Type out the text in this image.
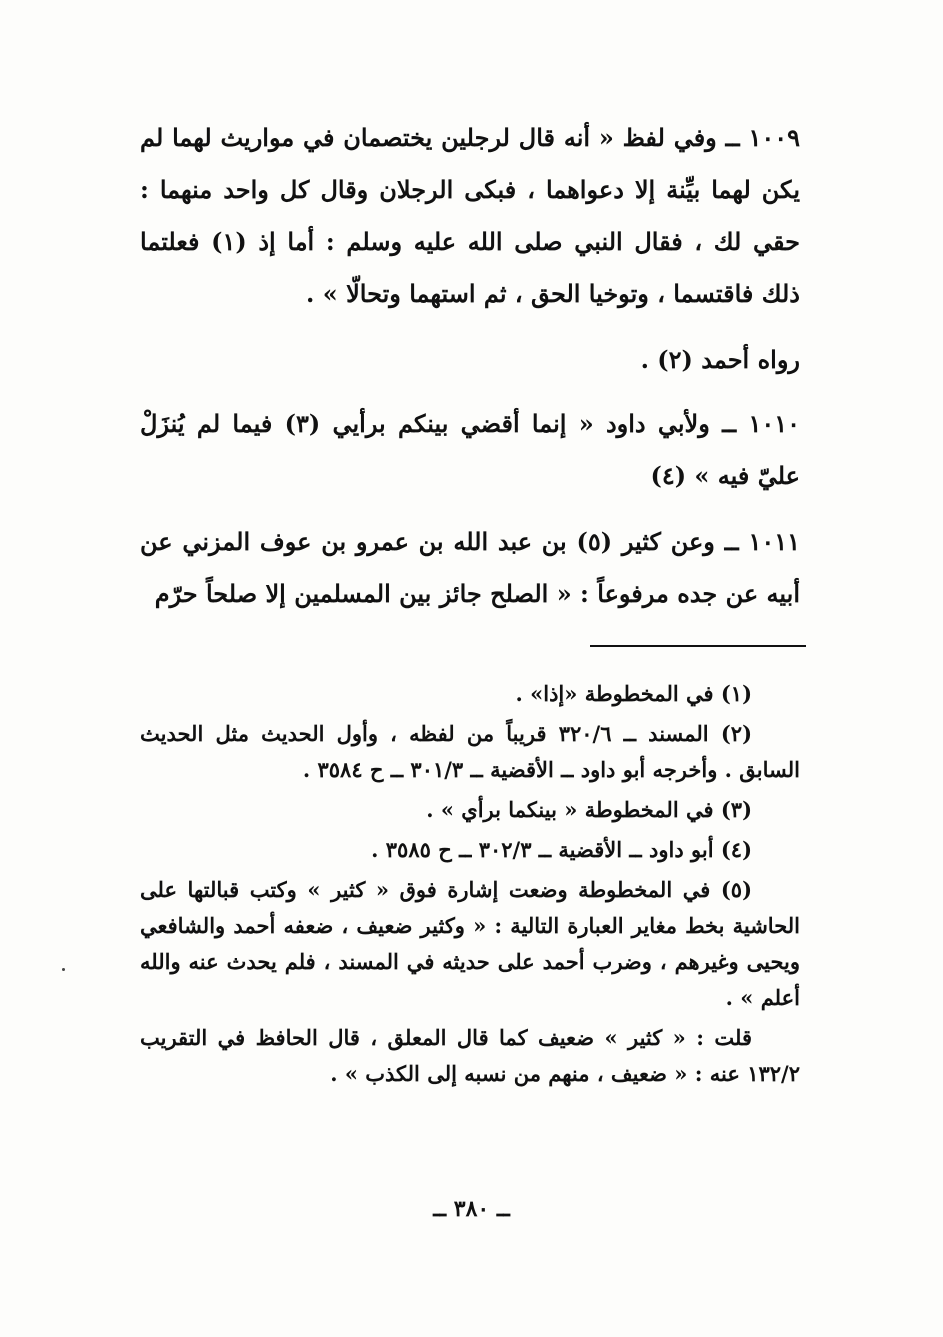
١٠٠٩ ــ وفي لفظ « أنه قال لرجلين يختصمان في مواريث لهما لم يكن لهما بيِّنة إلا دعواهما ، فبكى الرجلان وقال كل واحد منهما : حقي لك ، فقال النبي صلى الله عليه وسلم : أما إذ (١) فعلتما ذلك فاقتسما ، وتوخيا الحق ، ثم استهما وتحالّا » .

رواه أحمد (٢) .

١٠١٠ ــ ولأبي داود « إنما أقضي بينكم برأيي (٣) فيما لم يُنزَلْ عليّ فيه » (٤)

١٠١١ ــ وعن كثير (٥) بن عبد الله بن عمرو بن عوف المزني عن أبيه عن جده مرفوعاً : « الصلح جائز بين المسلمين إلا صلحاً حرّم

(١) في المخطوطة «إذا» .

(٢) المسند ــ ٣٢٠/٦ قريباً من لفظه ، وأول الحديث مثل الحديث السابق . وأخرجه أبو داود ــ الأقضية ــ ٣٠١/٣ ــ ح ٣٥٨٤ .

(٣) في المخطوطة « بينكما برأي » .

(٤) أبو داود ــ الأقضية ــ ٣٠٢/٣ ــ ح ٣٥٨٥ .

(٥) في المخطوطة وضعت إشارة فوق « كثير » وكتب قبالتها على الحاشية بخط مغاير العبارة التالية : « وكثير ضعيف ، ضعفه أحمد والشافعي ويحيى وغيرهم ، وضرب أحمد على حديثه في المسند ، فلم يحدث عنه والله أعلم » .

قلت : « كثير » ضعيف كما قال المعلق ، قال الحافظ في التقريب ١٣٢/٢ عنه : « ضعيف ، منهم من نسبه إلى الكذب » .

ــ ٣٨٠ ــ
